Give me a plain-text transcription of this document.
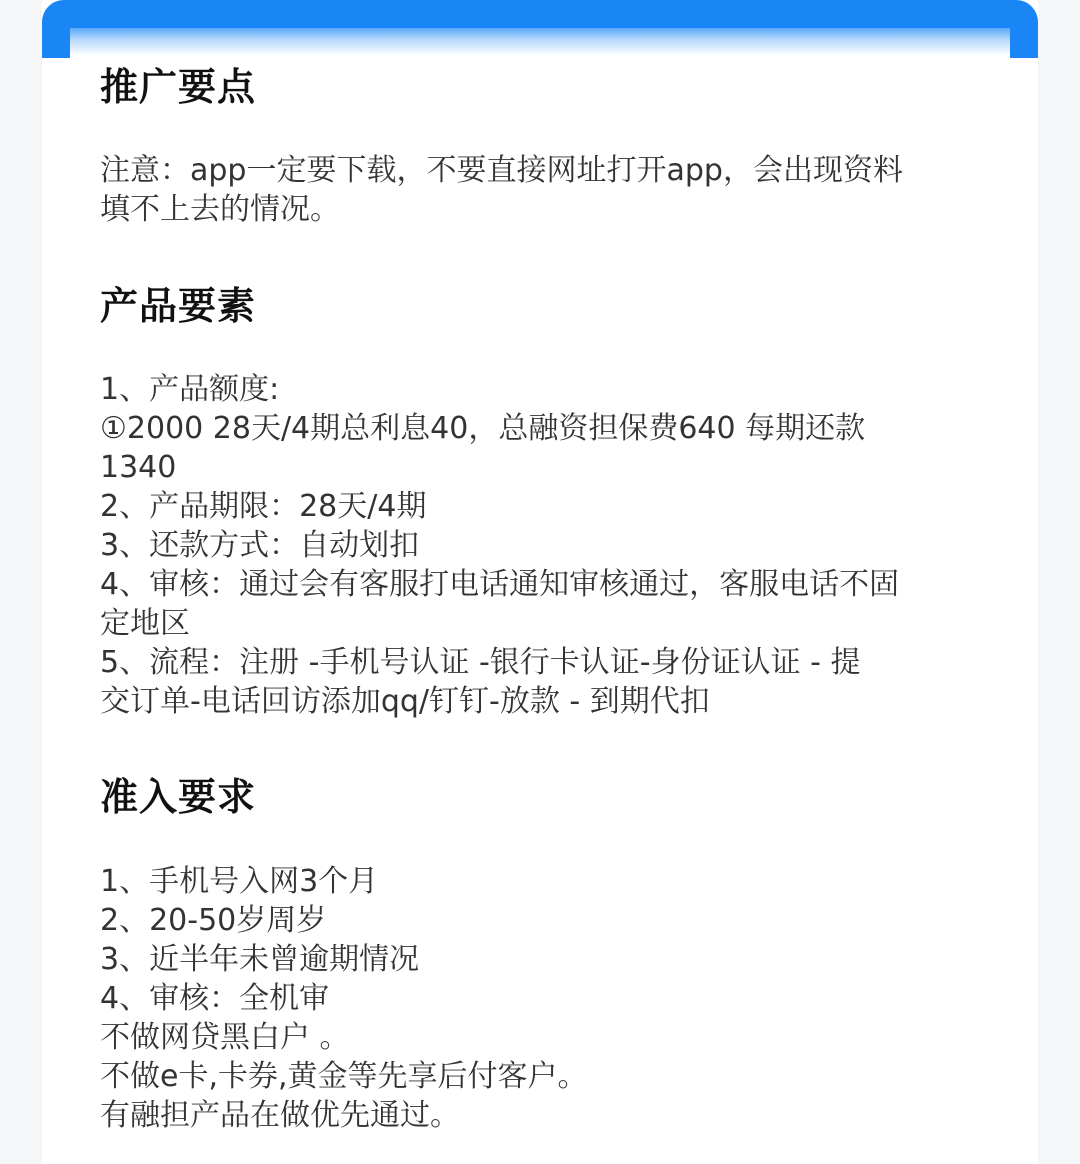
推广要点

注意：app一定要下载，不要直接网址打开app，会出现资料

填不上去的情况。

产品要素

1、产品额度:

①2000 28天/4期总利息40，总融资担保费640 每期还款

1340

2、产品期限：28天/4期

3、还款方式：自动划扣

4、审核：通过会有客服打电话通知审核通过，客服电话不固

定地区

5、流程：注册 -手机号认证 -银行卡认证-身份证认证 - 提

交订单-电话回访添加qq/钉钉-放款 - 到期代扣

准入要求

1、手机号入网3个月

2、20-50岁周岁

3、近半年未曾逾期情况

4、审核：全机审

不做网贷黑白户 。

不做e卡,卡券,黄金等先享后付客户。

有融担产品在做优先通过。
